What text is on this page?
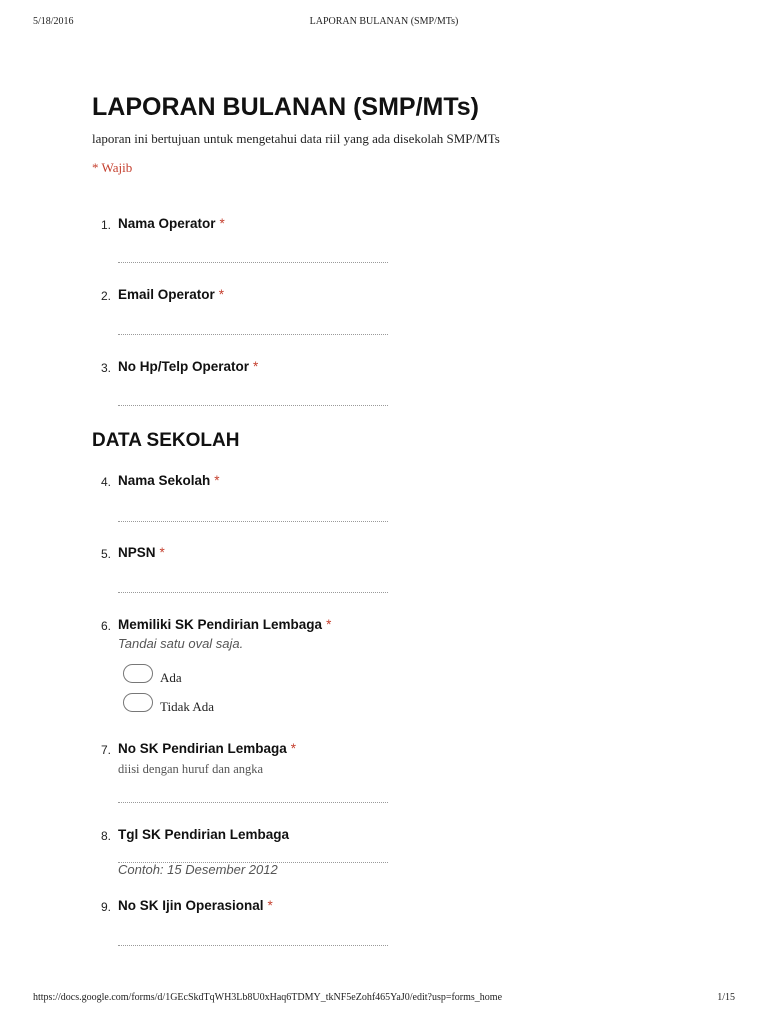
5/18/2016	LAPORAN BULANAN (SMP/MTs)
LAPORAN BULANAN (SMP/MTs)
laporan ini bertujuan untuk mengetahui data riil yang ada disekolah SMP/MTs
* Wajib
1. Nama Operator *
2. Email Operator *
3. No Hp/Telp Operator *
DATA SEKOLAH
4. Nama Sekolah *
5. NPSN *
6. Memiliki SK Pendirian Lembaga *
Tandai satu oval saja.
Ada
Tidak Ada
7. No SK Pendirian Lembaga *
diisi dengan huruf dan angka
8. Tgl SK Pendirian Lembaga
Contoh: 15 Desember 2012
9. No SK Ijin Operasional *
https://docs.google.com/forms/d/1GEcSkdTqWH3Lb8U0xHaq6TDMY_tkNF5eZohf465YaJ0/edit?usp=forms_home	1/15
